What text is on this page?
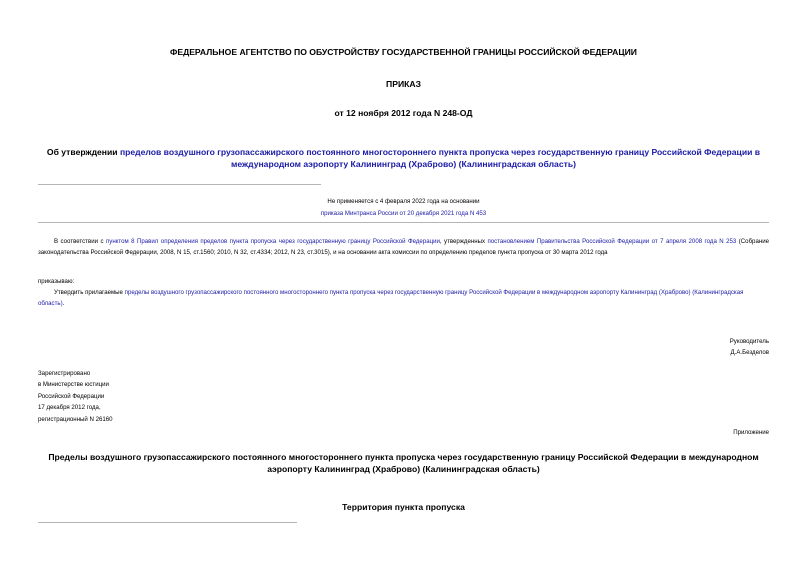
ФЕДЕРАЛЬНОЕ АГЕНТСТВО ПО ОБУСТРОЙСТВУ ГОСУДАРСТВЕННОЙ ГРАНИЦЫ РОССИЙСКОЙ ФЕДЕРАЦИИ
ПРИКАЗ
от 12 ноября 2012 года N 248-ОД
Об утверждении пределов воздушного грузопассажирского постоянного многостороннего пункта пропуска через государственную границу Российской Федерации в международном аэропорту Калининград (Храброво) (Калининградская область)
Не применяется с 4 февраля 2022 года на основании
приказа Минтранса России от 20 декабря 2021 года N 453
В соответствии с пунктом 8 Правил определения пределов пункта пропуска через государственную границу Российской Федерации, утвержденных постановлением Правительства Российской Федерации от 7 апреля 2008 года N 253 (Собрание законодательства Российской Федерации, 2008, N 15, ст.1560; 2010, N 32, ст.4334; 2012, N 23, ст.3015), и на основании акта комиссии по определению пределов пункта пропуска от 30 марта 2012 года
приказываю:
Утвердить прилагаемые пределы воздушного грузопассажирского постоянного многостороннего пункта пропуска через государственную границу Российской Федерации в международном аэропорту Калининград (Храброво) (Калининградская область).
Руководитель
Д.А.Безделов
Зарегистрировано
в Министерстве юстиции
Российской Федерации
17 декабря 2012 года,
регистрационный N 26160
Приложение
Пределы воздушного грузопассажирского постоянного многостороннего пункта пропуска через государственную границу Российской Федерации в международном аэропорту Калининград (Храброво) (Калининградская область)
Территория пункта пропуска
